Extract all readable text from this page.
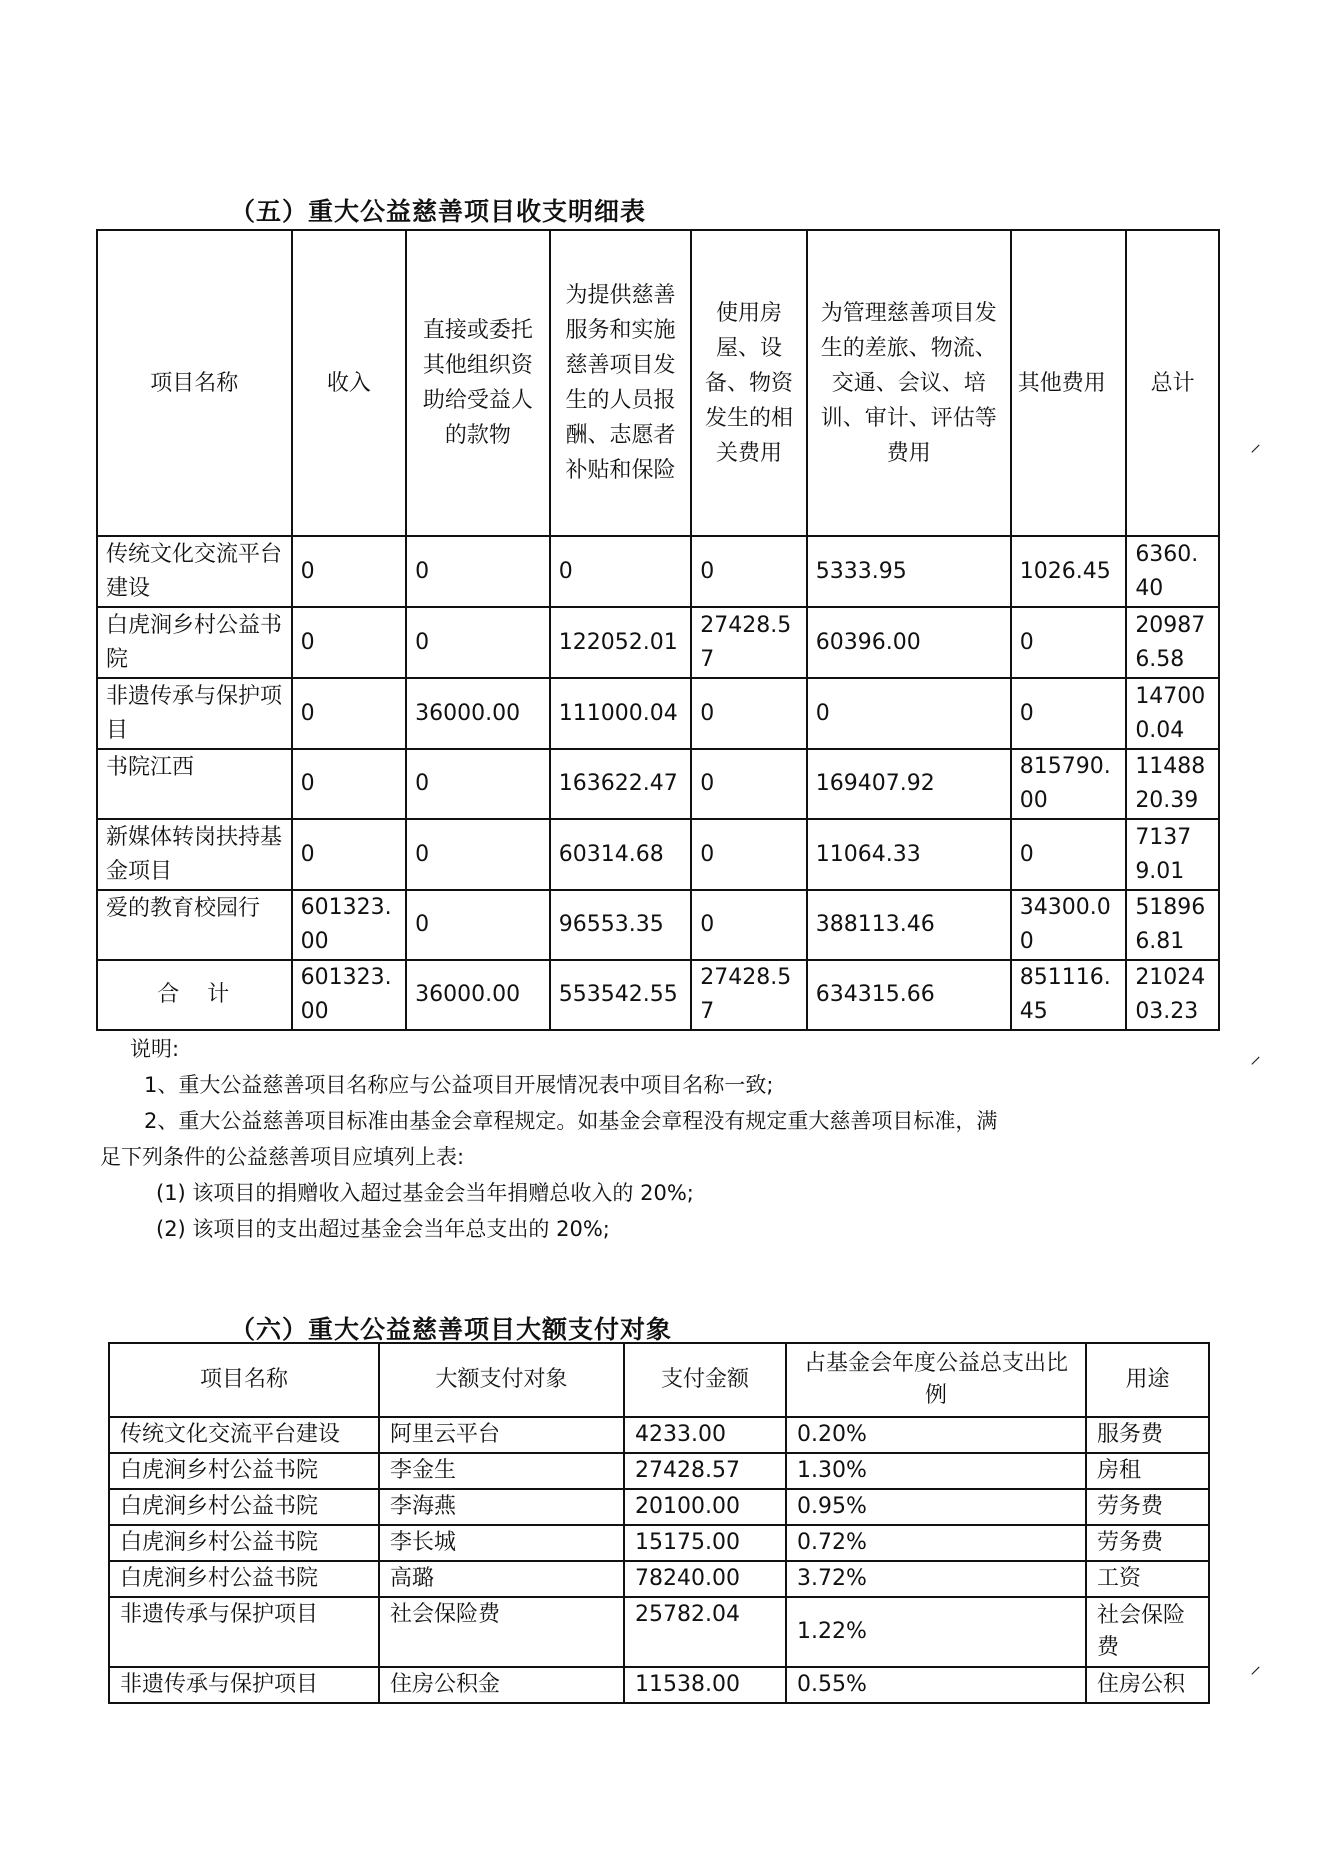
（五）重大公益慈善项目收支明细表
项目名称	收入	直接或委托其他组织资助给受益人的款物	为提供慈善服务和实施慈善项目发生的人员报酬、志愿者补贴和保险	使用房屋、设备、物资发生的相关费用	为管理慈善项目发生的差旅、物流、交通、会议、培训、审计、评估等费用	其他费用	总计
传统文化交流平台建设	0	0	0	0	5333.95	1026.45	6360.40
白虎涧乡村公益书院	0	0	122052.01	27428.57	60396.00	0	209876.58
非遗传承与保护项目	0	36000.00	111000.04	0	0	0	147000.04
书院江西	0	0	163622.47	0	169407.92	815790.00	1148820.39
新媒体转岗扶持基金项目	0	0	60314.68	0	11064.33	0	71379.01
爱的教育校园行	601323.00	0	96553.35	0	388113.46	34300.00	518966.81
合计	601323.00	36000.00	553542.55	27428.57	634315.66	851116.45	2102403.23
说明:
1、重大公益慈善项目名称应与公益项目开展情况表中项目名称一致;
2、重大公益慈善项目标准由基金会章程规定。如基金会章程没有规定重大慈善项目标准，满
足下列条件的公益慈善项目应填列上表:
(1) 该项目的捐赠收入超过基金会当年捐赠总收入的 20%;
(2) 该项目的支出超过基金会当年总支出的 20%;
（六）重大公益慈善项目大额支付对象
项目名称	大额支付对象	支付金额	占基金会年度公益总支出比例	用途
传统文化交流平台建设	阿里云平台	4233.00	0.20%	服务费
白虎涧乡村公益书院	李金生	27428.57	1.30%	房租
白虎涧乡村公益书院	李海燕	20100.00	0.95%	劳务费
白虎涧乡村公益书院	李长城	15175.00	0.72%	劳务费
白虎涧乡村公益书院	高璐	78240.00	3.72%	工资
非遗传承与保护项目	社会保险费	25782.04	1.22%	社会保险费
非遗传承与保护项目	住房公积金	11538.00	0.55%	住房公积
⸝
⸝
⸝
